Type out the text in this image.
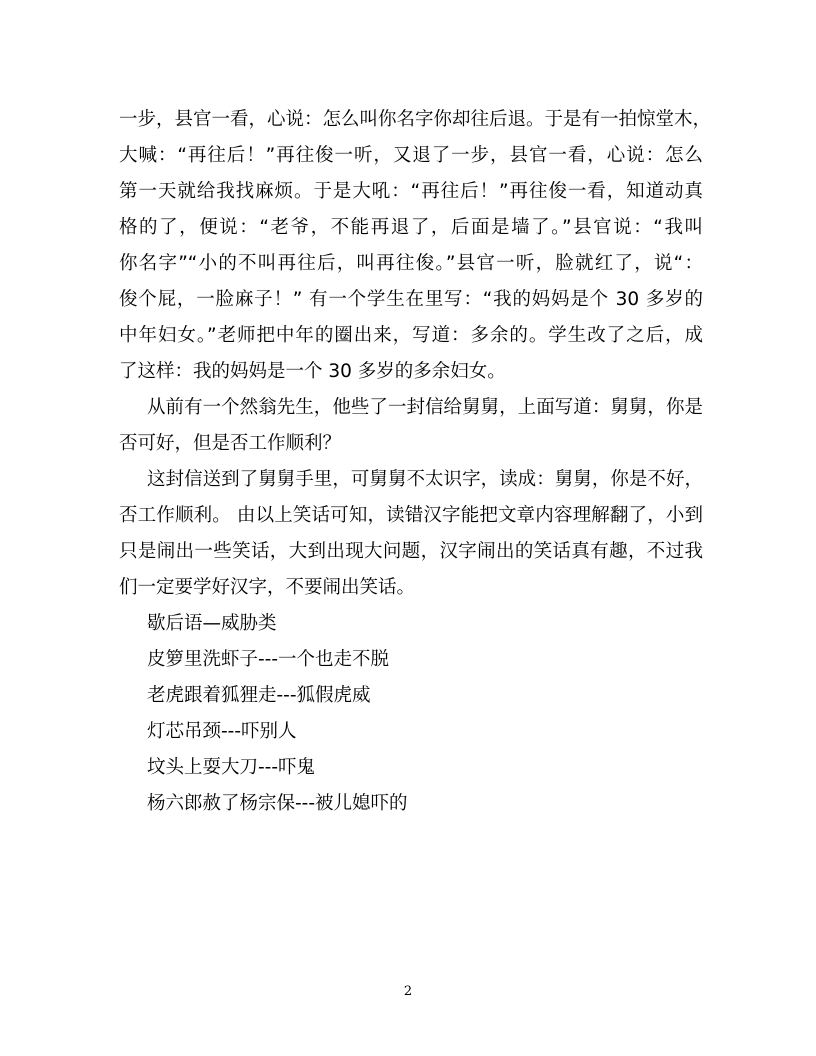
一步，县官一看，心说：怎么叫你名字你却往后退。于是有一拍惊堂木，
大喊：“再往后！”再往俊一听，又退了一步，县官一看，心说：怎么
第一天就给我找麻烦。于是大吼：“再往后！”再往俊一看，知道动真
格的了，便说：“老爷，不能再退了，后面是墙了。”县官说：“我叫
你名字”“小的不叫再往后，叫再往俊。”县官一听，脸就红了，说“：
俊个屁，一脸麻子！” 有一个学生在里写：“我的妈妈是个 30 多岁的
中年妇女。”老师把中年的圈出来，写道：多余的。学生改了之后，成
了这样：我的妈妈是一个 30 多岁的多余妇女。
从前有一个然翁先生，他些了一封信给舅舅，上面写道：舅舅，你是
否可好，但是否工作顺利？
这封信送到了舅舅手里，可舅舅不太识字，读成：舅舅，你是不好，
否工作顺利。 由以上笑话可知，读错汉字能把文章内容理解翻了，小到
只是闹出一些笑话，大到出现大问题，汉字闹出的笑话真有趣，不过我
们一定要学好汉字，不要闹出笑话。
歇后语—威胁类
皮箩里洗虾子---一个也走不脱
老虎跟着狐狸走---狐假虎威
灯芯吊颈---吓别人
坟头上耍大刀---吓鬼
杨六郎赦了杨宗保---被儿媳吓的
2
